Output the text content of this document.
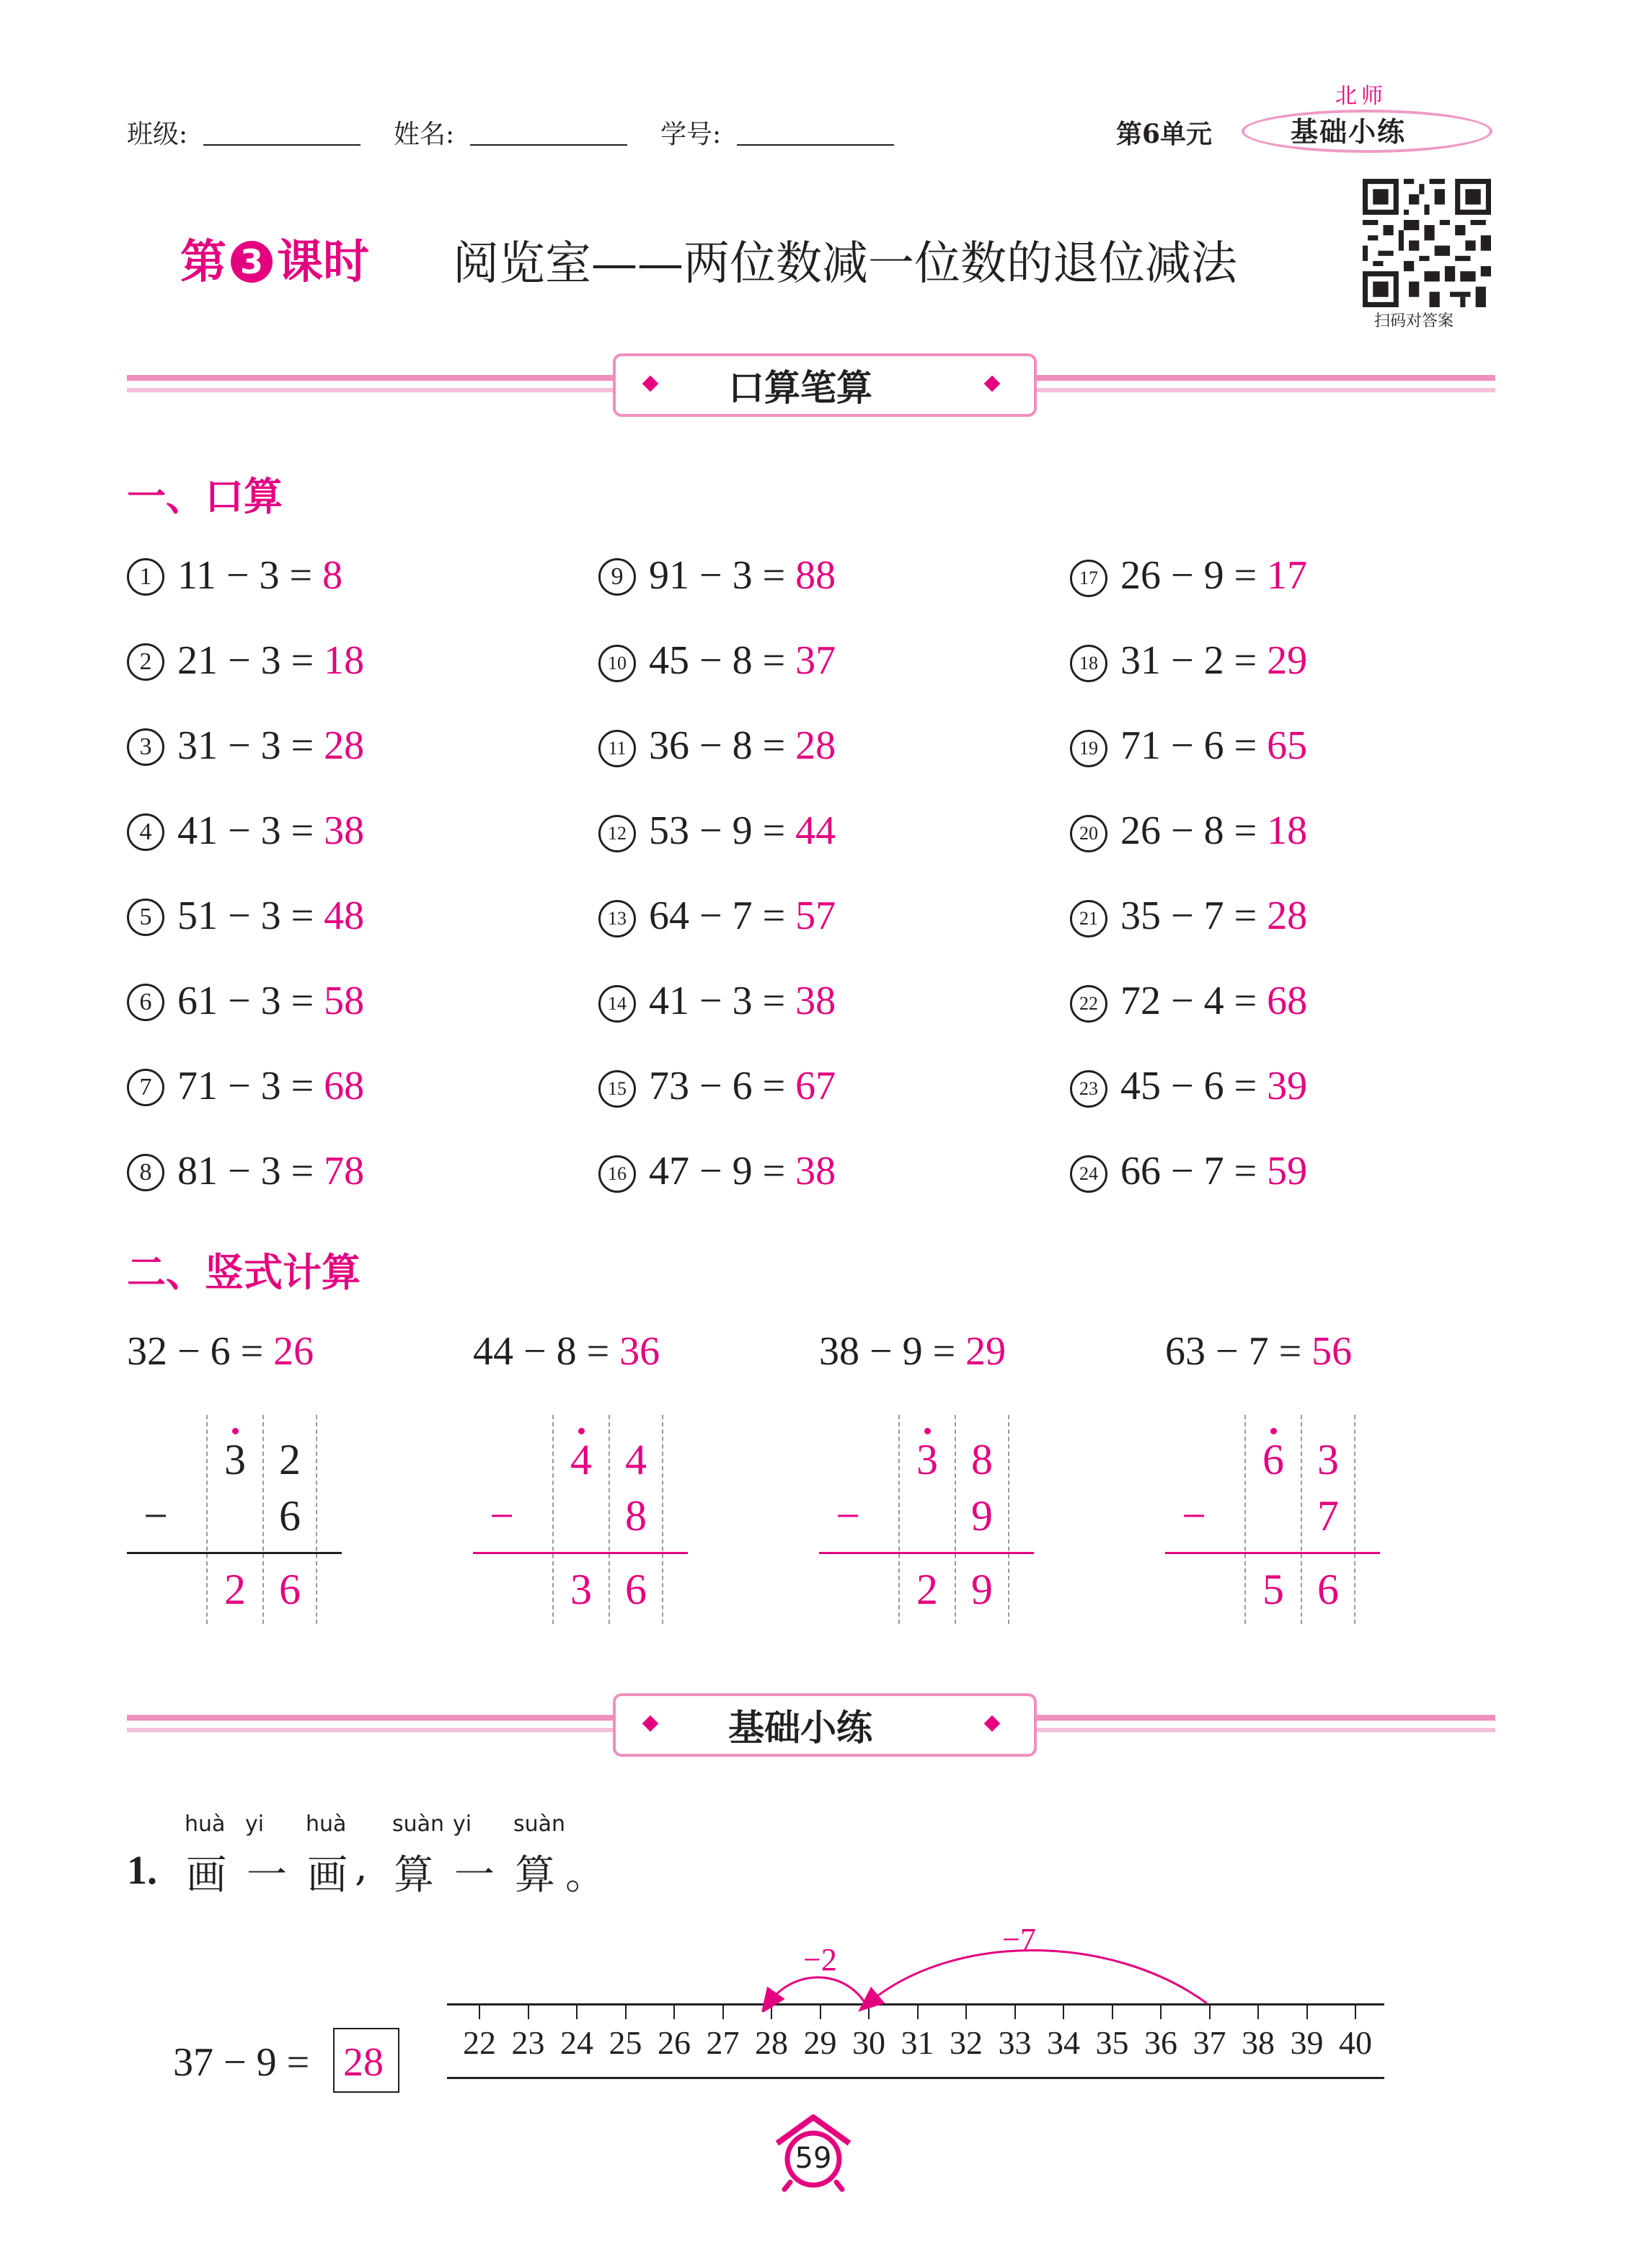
班级:	姓名:	学号:	第6单元
北师
基础小练
第 3 课时 阅览室——两位数减一位数的退位减法
扫码对答案
口算笔算
一、口算
1 11 − 3 = 8
2 21 − 3 = 18
3 31 − 3 = 28
4 41 − 3 = 38
5 51 − 3 = 48
6 61 − 3 = 58
7 71 − 3 = 68
8 81 − 3 = 78
9 91 − 3 = 88
10 45 − 8 = 37
11 36 − 8 = 28
12 53 − 9 = 44
13 64 − 7 = 57
14 41 − 3 = 38
15 73 − 6 = 67
16 47 − 9 = 38
17 26 − 9 = 17
18 31 − 2 = 29
19 71 − 6 = 65
20 26 − 8 = 18
21 35 − 7 = 28
22 72 − 4 = 68
23 45 − 6 = 39
24 66 − 7 = 59
二、竖式计算
32 − 6 = 26
3 2
−	6
2 6
44 − 8 = 36
4 4
−	8
3 6
38 − 9 = 29
3 8
−	9
2 9
63 − 7 = 56
6 3
−	7
5 6
基础小练
1. 画
huà
一
yi
画
huà
, 算
suàn
一
yi
算
suàn
。
37 − 9 = 28 22 23 24 25 26 27 28 29 30 31 32 33 34 35 36 37 38 39 40
−7
−2
59
